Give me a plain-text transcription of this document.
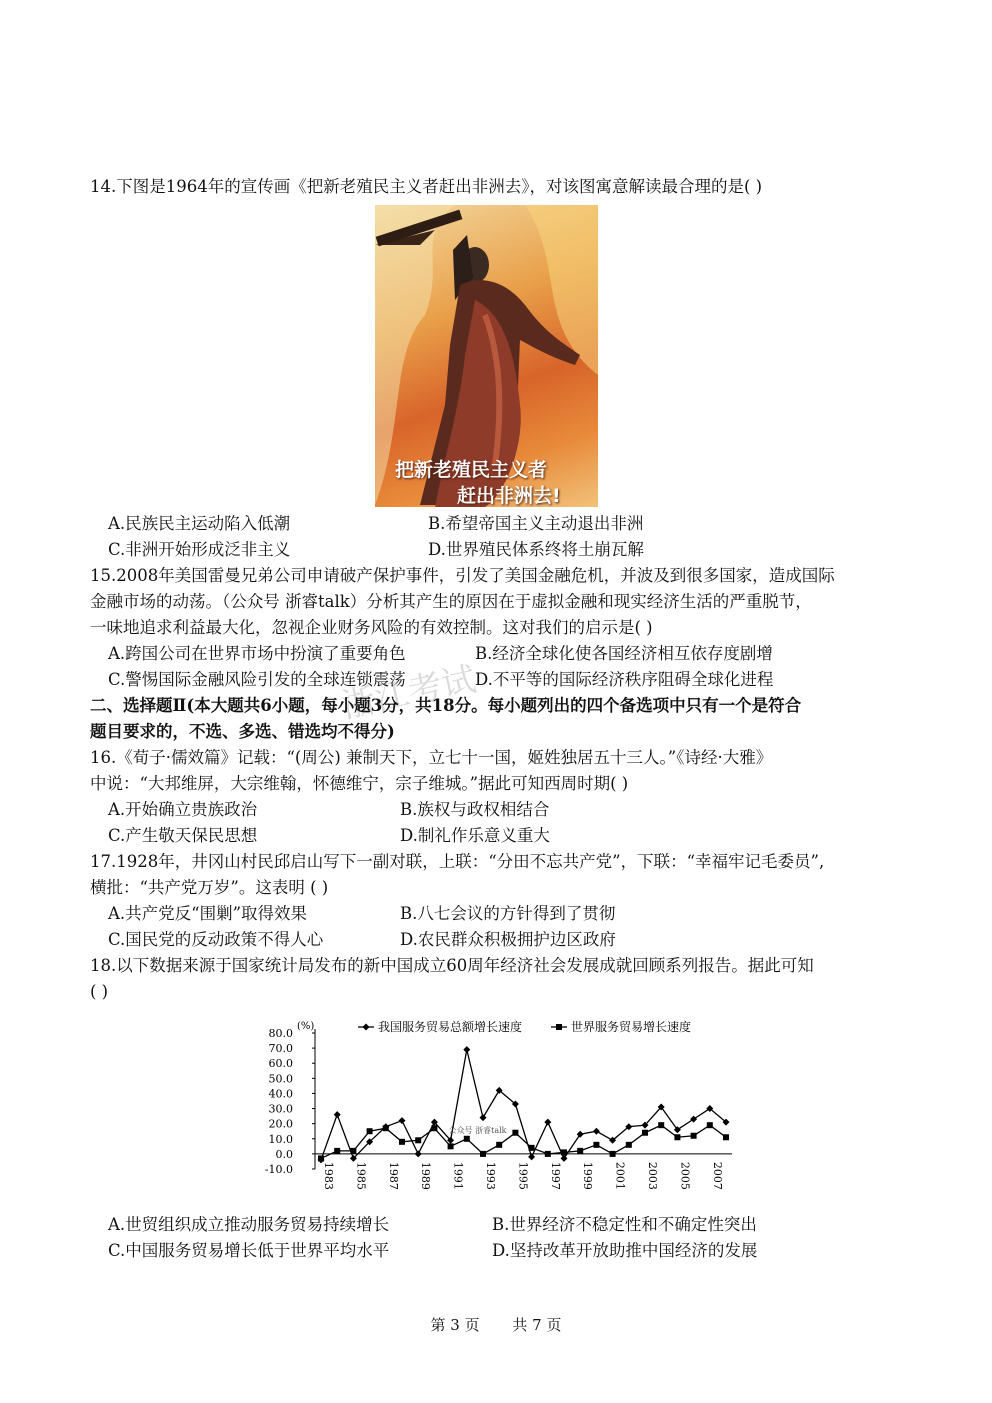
14.下图是1964年的宣传画《把新老殖民主义者赶出非洲去》，对该图寓意解读最合理的是( )
把新老殖民主义者
赶出非洲去!
A.民族民主运动陷入低潮	B.希望帝国主义主动退出非洲
C.非洲开始形成泛非主义	D.世界殖民体系终将土崩瓦解
15.2008年美国雷曼兄弟公司申请破产保护事件，引发了美国金融危机，并波及到很多国家，造成国际
金融市场的动荡。（公众号 浙睿talk）分析其产生的原因在于虚拟金融和现实经济生活的严重脱节，
一味地追求利益最大化，忽视企业财务风险的有效控制。这对我们的启示是( )
A.跨国公司在世界市场中扮演了重要角色	B.经济全球化使各国经济相互依存度剧增
C.警惕国际金融风险引发的全球连锁震荡	D.不平等的国际经济秩序阻碍全球化进程
浙江考试
二、选择题Ⅱ(本大题共6小题，每小题3分，共18分。每小题列出的四个备选项中只有一个是符合
题目要求的，不选、多选、错选均不得分)
16.《荀子·儒效篇》记载：“(周公) 兼制天下，立七十一国，姬姓独居五十三人。”《诗经·大雅》
中说：“大邦维屏，大宗维翰，怀德维宁，宗子维城。”据此可知西周时期( )
A.开始确立贵族政治	B.族权与政权相结合
C.产生敬天保民思想	D.制礼作乐意义重大
17.1928年，井冈山村民邱启山写下一副对联，上联：“分田不忘共产党”，下联：“幸福牢记毛委员”,
横批：“共产党万岁”。这表明 ( )
A.共产党反“围剿”取得效果	B.八七会议的方针得到了贯彻
C.国民党的反动政策不得人心	D.农民群众积极拥护边区政府
18.以下数据来源于国家统计局发布的新中国成立60周年经济社会发展成就回顾系列报告。据此可知
( )
80.0
70.0
60.0
50.0
40.0
30.0
20.0
10.0
0.0
-10.0
(%)
1983 1985 1987 1989 1991 1993 1995 1997 1999 2001 2003 2005 2007
我国服务贸易总额增长速度	世界服务贸易增长速度
公众号 浙睿talk
A.世贸组织成立推动服务贸易持续增长	B.世界经济不稳定性和不确定性突出
C.中国服务贸易增长低于世界平均水平	D.坚持改革开放助推中国经济的发展
第 3 页 共 7 页
